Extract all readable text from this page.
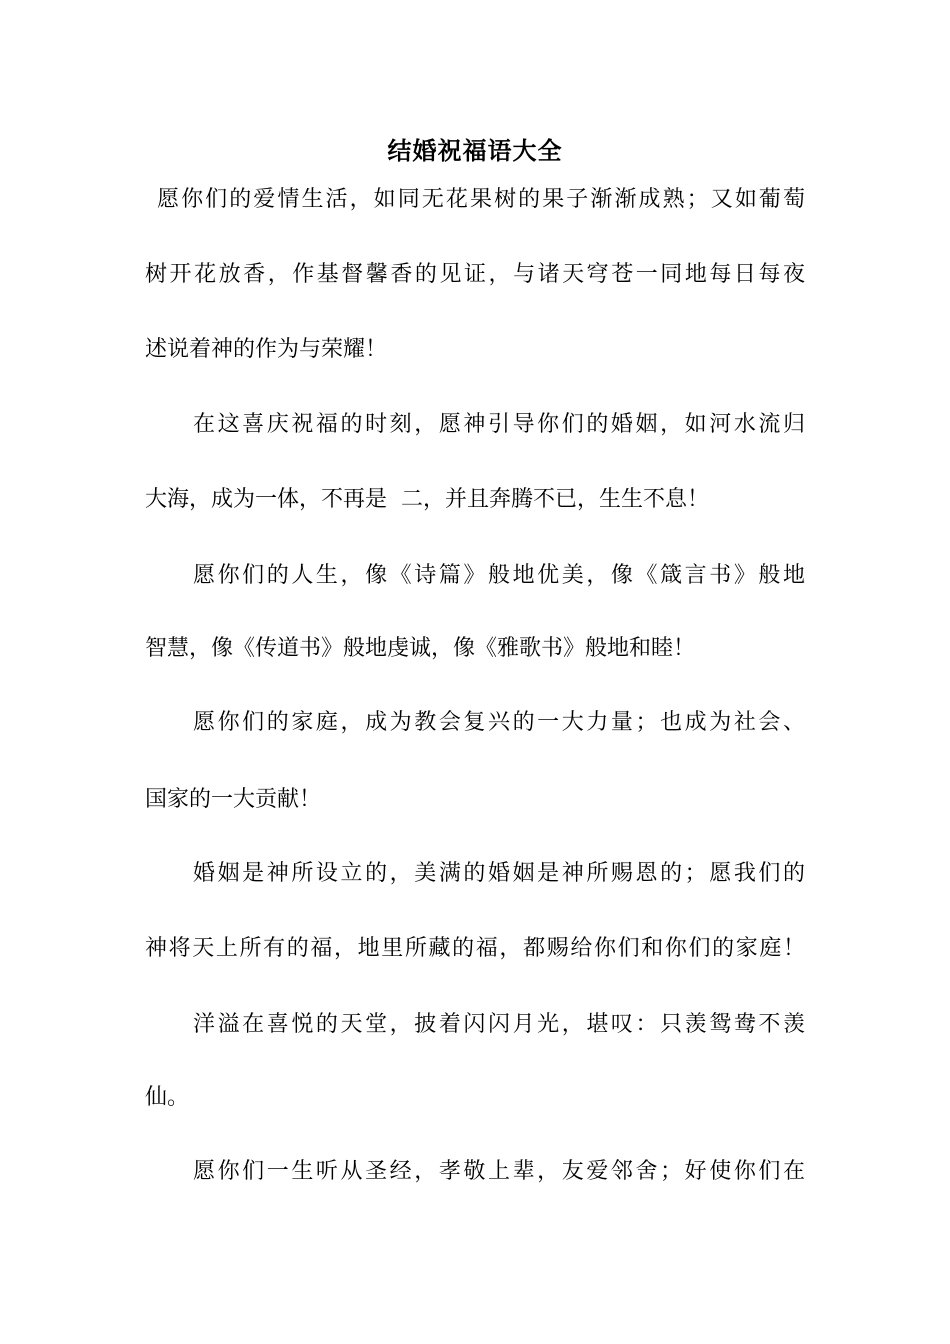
结婚祝福语大全
愿你们的爱情生活，如同无花果树的果子渐渐成熟；又如葡萄
树开花放香，作基督馨香的见证，与诸天穹苍一同地每日每夜
述说着神的作为与荣耀！
在这喜庆祝福的时刻，愿神引导你们的婚姻，如河水流归
大海，成为一体，不再是  二，并且奔腾不已，生生不息！
愿你们的人生，像《诗篇》般地优美，像《箴言书》般地
智慧，像《传道书》般地虔诚，像《雅歌书》般地和睦！
愿你们的家庭，成为教会复兴的一大力量；也成为社会、
国家的一大贡献！
婚姻是神所设立的，美满的婚姻是神所赐恩的；愿我们的
神将天上所有的福，地里所藏的福，都赐给你们和你们的家庭！
洋溢在喜悦的天堂，披着闪闪月光，堪叹：只羡鸳鸯不羡
仙。
愿你们一生听从圣经，孝敬上辈，友爱邻舍；好使你们在
